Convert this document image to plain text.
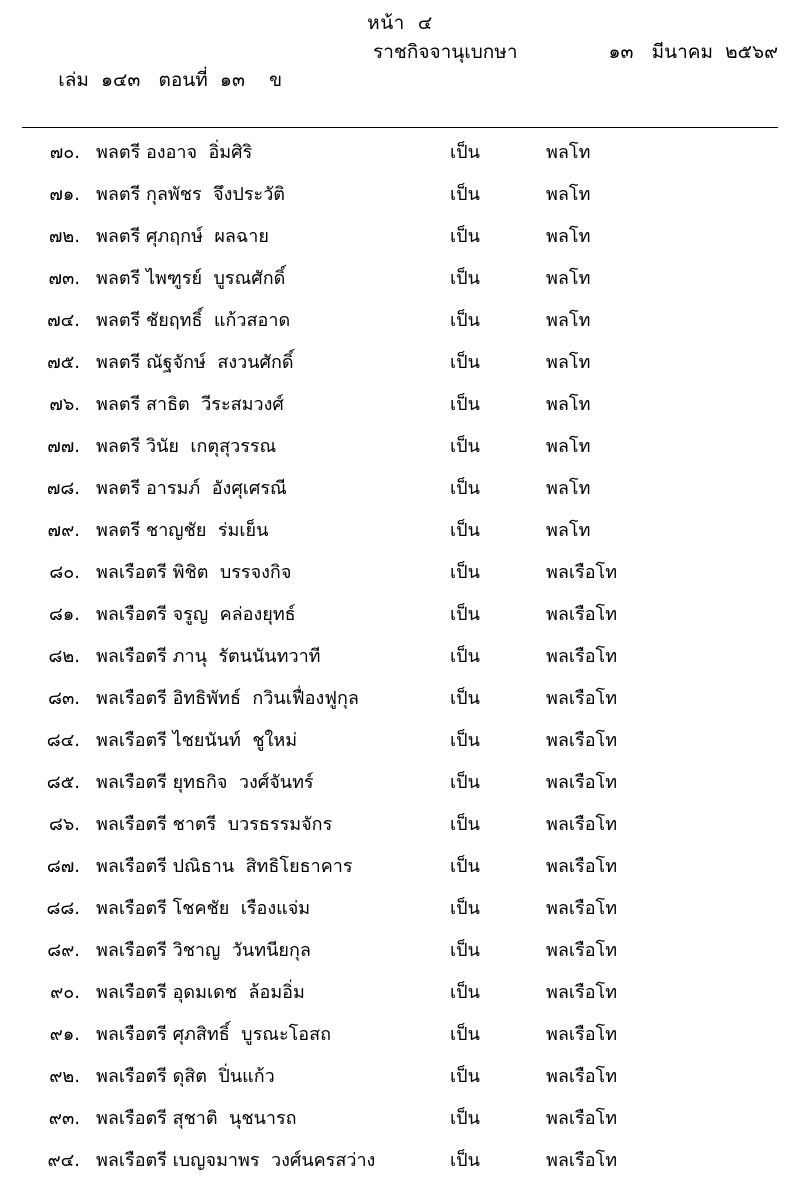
หน้า  ๔

เล่ม  ๑๔๓ ตอนที่  ๑๓ ข

ราชกิจจานุเบกษา	๑๓   มีนาคม  ๒๕๖๙
๗๐. พลตรี องอาจ  อิ่มศิริ	เป็น	พลโท
๗๑. พลตรี กุลพัชร  จึงประวัติ	เป็น	พลโท
๗๒. พลตรี ศุภฤกษ์  ผลฉาย	เป็น	พลโท
๗๓. พลตรี ไพฑูรย์  บูรณศักดิ์	เป็น	พลโท
๗๔. พลตรี ชัยฤทธิ์  แก้วสอาด	เป็น	พลโท
๗๕. พลตรี ณัฐจักษ์  สงวนศักดิ์	เป็น	พลโท
๗๖. พลตรี สาธิต  วีระสมวงศ์	เป็น	พลโท
๗๗. พลตรี วินัย  เกตุสุวรรณ	เป็น	พลโท
๗๘. พลตรี อารมภ์  อังศุเศรณี	เป็น	พลโท
๗๙. พลตรี ชาญชัย  ร่มเย็น	เป็น	พลโท
๘๐. พลเรือตรี พิชิต  บรรจงกิจ	เป็น	พลเรือโท
๘๑. พลเรือตรี จรูญ  คล่องยุทธ์	เป็น	พลเรือโท
๘๒. พลเรือตรี ภานุ  รัตนนันทวาที	เป็น	พลเรือโท
๘๓. พลเรือตรี อิทธิพัทธ์  กวินเฟื่องฟูกุล	เป็น	พลเรือโท
๘๔. พลเรือตรี ไชยนันท์  ชูใหม่	เป็น	พลเรือโท
๘๕. พลเรือตรี ยุทธกิจ  วงศ์จันทร์	เป็น	พลเรือโท
๘๖. พลเรือตรี ชาตรี  บวรธรรมจักร	เป็น	พลเรือโท
๘๗. พลเรือตรี ปณิธาน  สิทธิโยธาคาร	เป็น	พลเรือโท
๘๘. พลเรือตรี โชคชัย  เรืองแจ่ม	เป็น	พลเรือโท
๘๙. พลเรือตรี วิชาญ  วันทนียกุล	เป็น	พลเรือโท
๙๐. พลเรือตรี อุดมเดช  ล้อมอิ่ม	เป็น	พลเรือโท
๙๑. พลเรือตรี ศุภสิทธิ์  บูรณะโอสถ	เป็น	พลเรือโท
๙๒. พลเรือตรี ดุสิต  ปิ่นแก้ว	เป็น	พลเรือโท
๙๓. พลเรือตรี สุชาติ  นุชนารถ	เป็น	พลเรือโท
๙๔. พลเรือตรี เบญจมาพร  วงศ์นครสว่าง	เป็น	พลเรือโท
